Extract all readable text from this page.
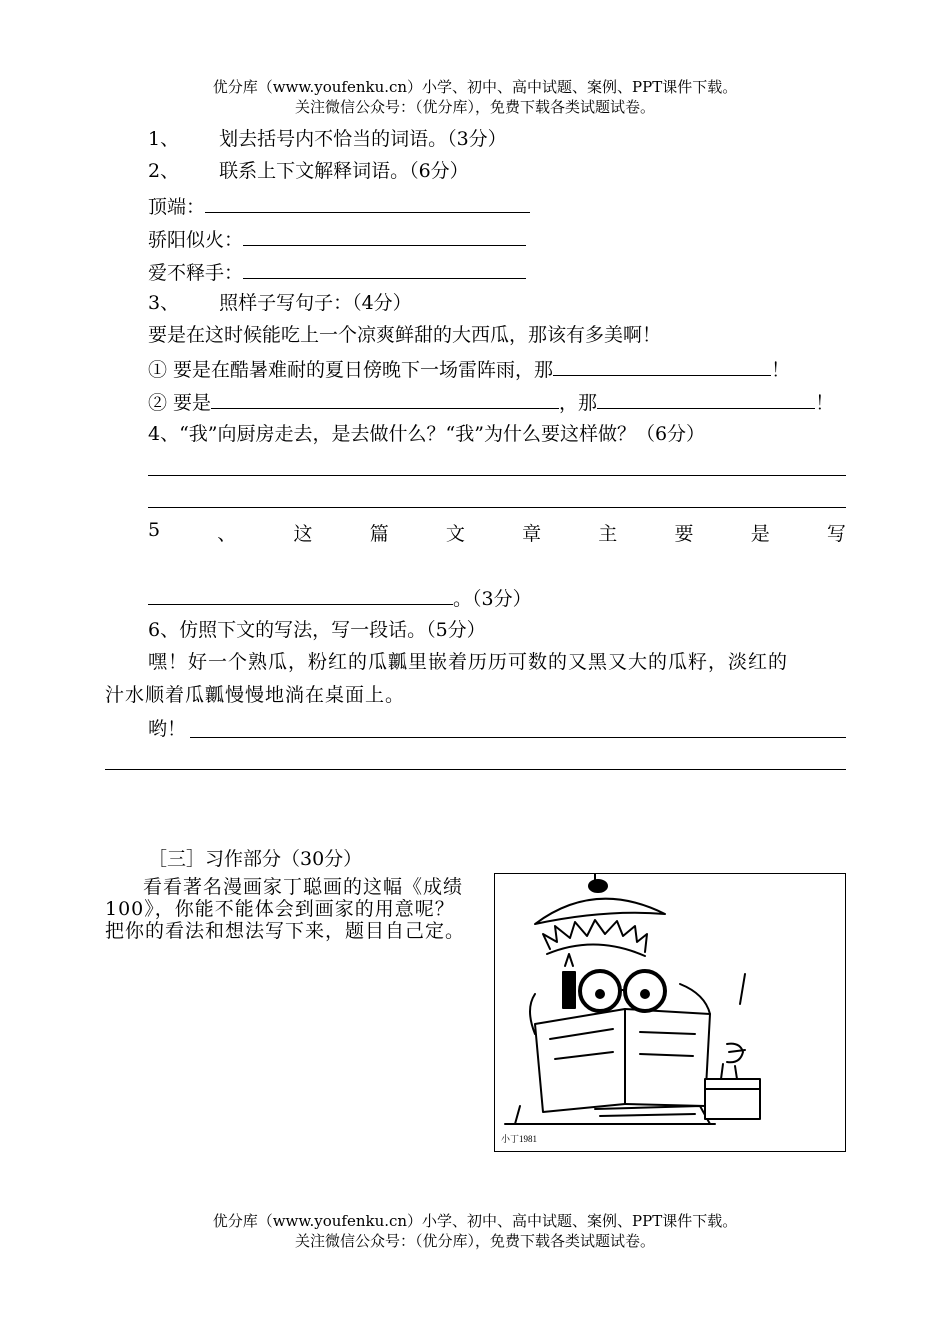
优分库（www.youfenku.cn）小学、初中、高中试题、案例、PPT课件下载。
关注微信公众号：（优分库），免费下载各类试题试卷。
1、 划去括号内不恰当的词语。（3分）
2、 联系上下文解释词语。（6分）
顶端：
骄阳似火：
爱不释手：
3、 照样子写句子：（4分）
要是在这时候能吃上一个凉爽鲜甜的大西瓜，那该有多美啊！
① 要是在酷暑难耐的夏日傍晚下一场雷阵雨，那	！
② 要是	，那	！
4、“我”向厨房走去，是去做什么？“我”为什么要这样做？（6分）
5	、	这	篇	文	章	主	要	是	写
。（3分）
6、仿照下文的写法，写一段话。（5分）
嘿！好一个熟瓜，粉红的瓜瓤里嵌着历历可数的又黑又大的瓜籽，淡红的
汁水顺着瓜瓤慢慢地淌在桌面上。
哟！
［三］习作部分（30分）
看看著名漫画家丁聪画的这幅《成绩100》，你能不能体会到画家的用意呢？把你的看法和想法写下来，题目自己定。
小丁1981
优分库（www.youfenku.cn）小学、初中、高中试题、案例、PPT课件下载。
关注微信公众号：（优分库），免费下载各类试题试卷。
